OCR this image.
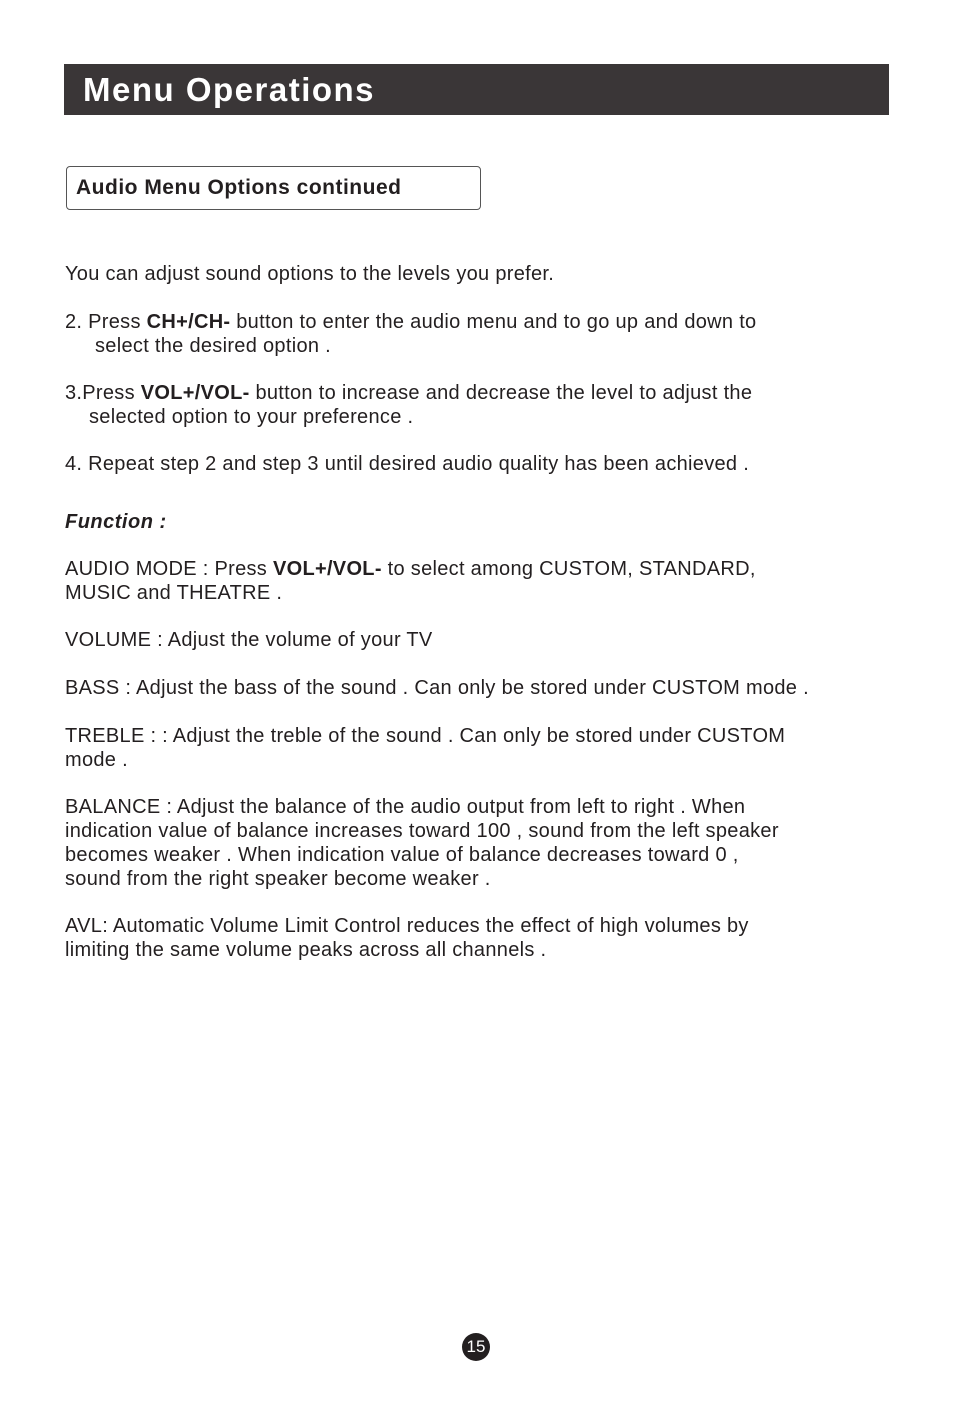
Menu Operations
Audio Menu Options continued
You can adjust sound options to the levels you prefer.
2. Press CH+/CH- button to enter the audio menu and to go up and down to
select the desired option .
3.Press VOL+/VOL- button to increase and decrease the level to adjust the
selected option to your preference .
4. Repeat step 2 and step 3 until desired audio quality has been achieved .
Function :
AUDIO MODE : Press VOL+/VOL- to select among CUSTOM, STANDARD,
MUSIC and THEATRE .
VOLUME : Adjust the volume of your TV
BASS : Adjust the bass of the sound . Can only be stored under CUSTOM mode .
TREBLE : : Adjust the treble of the sound . Can only be stored under CUSTOM
mode .
BALANCE : Adjust the balance of the audio output from left to right . When
indication value of balance increases toward 100 , sound from the left speaker
becomes weaker . When indication value of balance decreases toward 0 ,
sound from the right speaker become weaker .
AVL: Automatic Volume Limit Control reduces the effect of high volumes by
limiting the same volume peaks across all channels .
15
